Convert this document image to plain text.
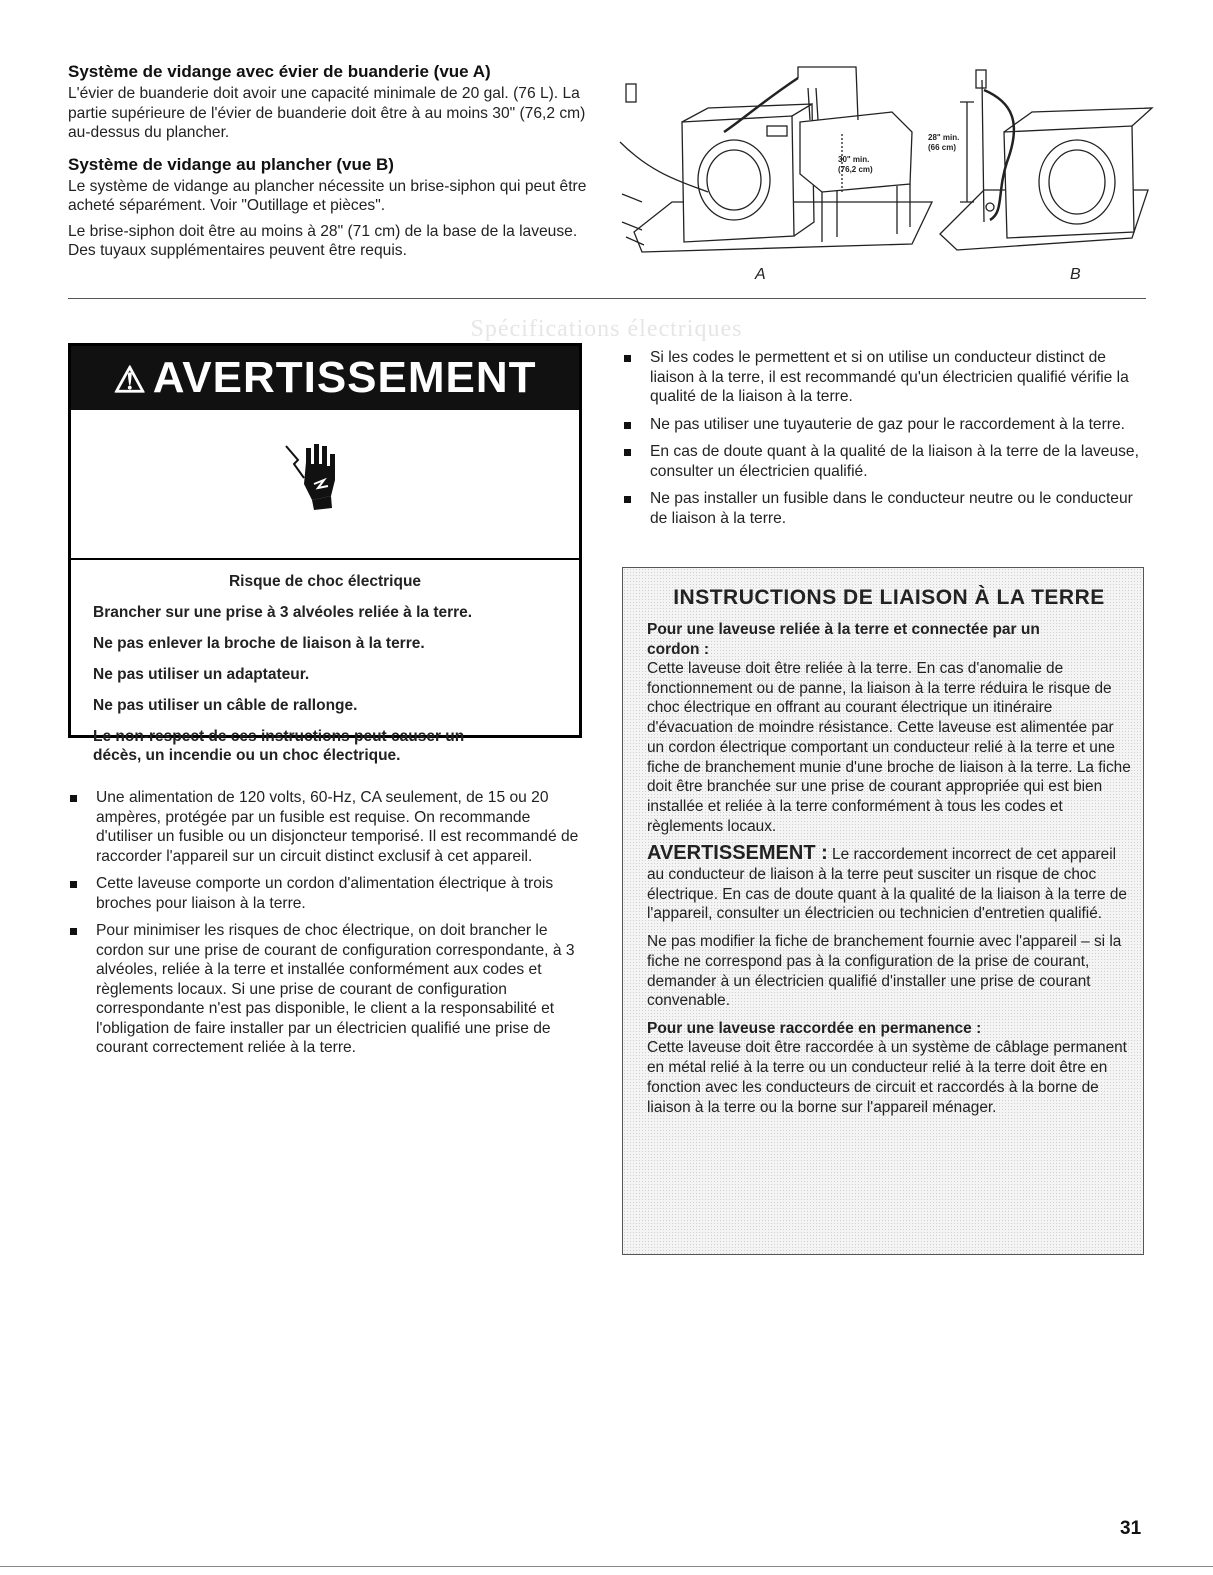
Système de vidange avec évier de buanderie (vue A)

L'évier de buanderie doit avoir une capacité minimale de 20 gal. (76 L). La partie supérieure de l'évier de buanderie doit être à au moins 30" (76,2 cm) au-dessus du plancher.

Système de vidange au plancher (vue B)

Le système de vidange au plancher nécessite un brise-siphon qui peut être acheté séparément. Voir "Outillage et pièces".

Le brise-siphon doit être au moins à 28" (71 cm) de la base de la laveuse. Des tuyaux supplémentaires peuvent être requis.

30" min.
(76,2 cm)
28" min.
(66 cm)
A	B
Spécifications électriques
⚠ AVERTISSEMENT
Risque de choc électrique
Brancher sur une prise à 3 alvéoles reliée à la terre.
Ne pas enlever la broche de liaison à la terre.
Ne pas utiliser un adaptateur.
Ne pas utiliser un câble de rallonge.
Le non-respect de ces instructions peut causer un décès, un incendie ou un choc électrique.
Une alimentation de 120 volts, 60-Hz, CA seulement, de 15 ou 20 ampères, protégée par un fusible est requise. On recommande d'utiliser un fusible ou un disjoncteur temporisé. Il est recommandé de raccorder l'appareil sur un circuit distinct exclusif à cet appareil.
Cette laveuse comporte un cordon d'alimentation électrique à trois broches pour liaison à la terre.
Pour minimiser les risques de choc électrique, on doit brancher le cordon sur une prise de courant de configuration correspondante, à 3 alvéoles, reliée à la terre et installée conformément aux codes et règlements locaux. Si une prise de courant de configuration correspondante n'est pas disponible, le client a la responsabilité et l'obligation de faire installer par un électricien qualifié une prise de courant correctement reliée à la terre.
Si les codes le permettent et si on utilise un conducteur distinct de liaison à la terre, il est recommandé qu'un électricien qualifié vérifie la qualité de la liaison à la terre.
Ne pas utiliser une tuyauterie de gaz pour le raccordement à la terre.
En cas de doute quant à la qualité de la liaison à la terre de la laveuse, consulter un électricien qualifié.
Ne pas installer un fusible dans le conducteur neutre ou le conducteur de liaison à la terre.
INSTRUCTIONS DE LIAISON À LA TERRE
Pour une laveuse reliée à la terre et connectée par un cordon :

Cette laveuse doit être reliée à la terre. En cas d'anomalie de fonctionnement ou de panne, la liaison à la terre réduira le risque de choc électrique en offrant au courant électrique un itinéraire d'évacuation de moindre résistance. Cette laveuse est alimentée par un cordon électrique comportant un conducteur relié à la terre et une fiche de branchement munie d'une broche de liaison à la terre. La fiche doit être branchée sur une prise de courant appropriée qui est bien installée et reliée à la terre conformément à tous les codes et règlements locaux.

AVERTISSEMENT : Le raccordement incorrect de cet appareil au conducteur de liaison à la terre peut susciter un risque de choc électrique. En cas de doute quant à la qualité de la liaison à la terre de l'appareil, consulter un électricien ou technicien d'entretien qualifié.

Ne pas modifier la fiche de branchement fournie avec l'appareil – si la fiche ne correspond pas à la configuration de la prise de courant, demander à un électricien qualifié d'installer une prise de courant convenable.

Pour une laveuse raccordée en permanence :

Cette laveuse doit être raccordée à un système de câblage permanent en métal relié à la terre ou un conducteur relié à la terre doit être en fonction avec les conducteurs de circuit et raccordés à la borne de liaison à la terre ou la borne sur l'appareil ménager.

31
